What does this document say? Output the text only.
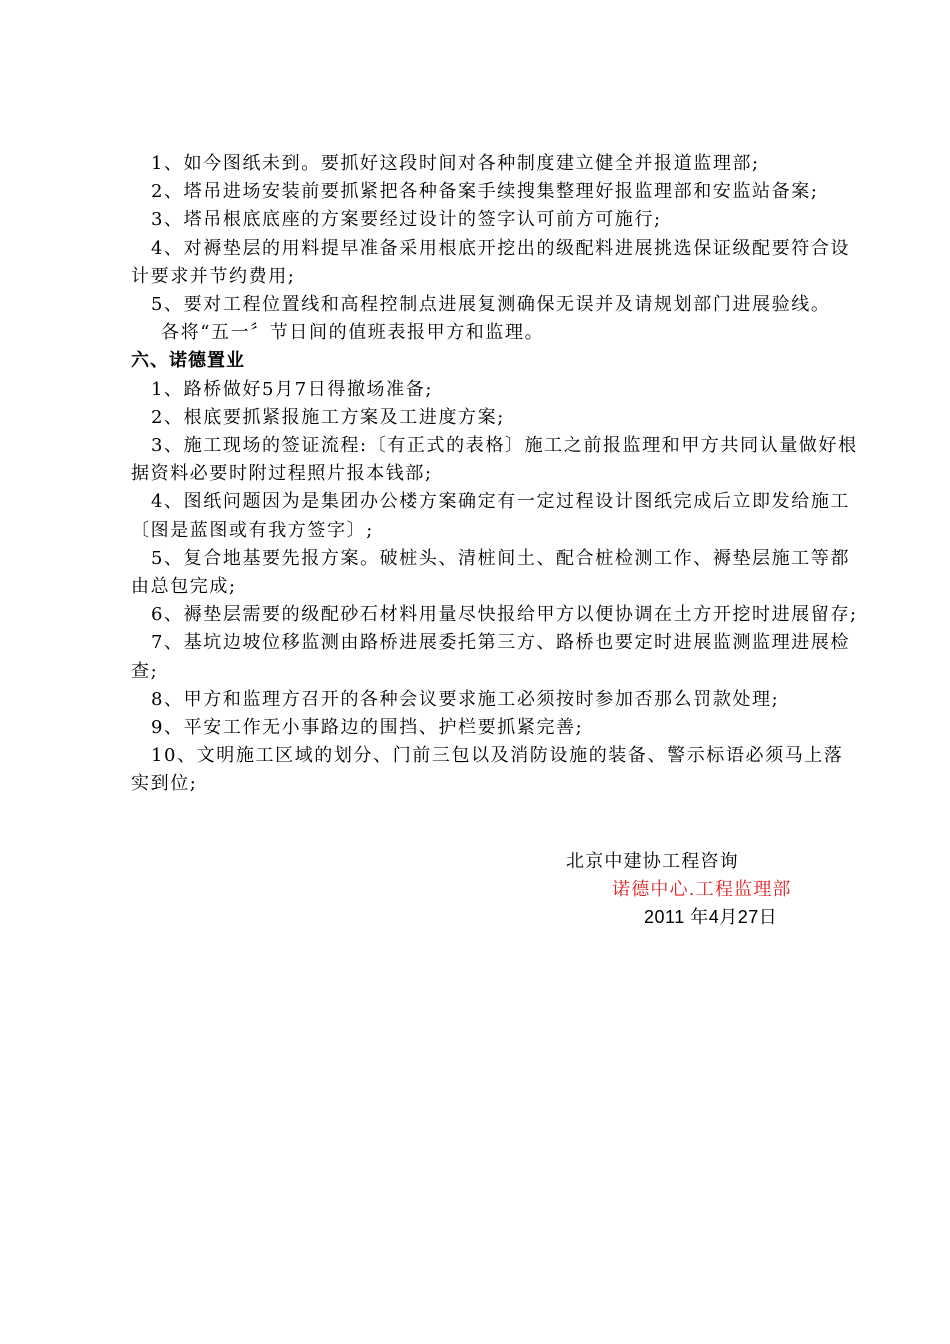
1、如今图纸未到。要抓好这段时间对各种制度建立健全并报道监理部;

2、塔吊进场安装前要抓紧把各种备案手续搜集整理好报监理部和安监站备案;

3、塔吊根底底座的方案要经过设计的签字认可前方可施行;

4、对褥垫层的用料提早准备采用根底开挖出的级配料进展挑选保证级配要符合设计要求并节约费用;

5、要对工程位置线和高程控制点进展复测确保无误并及请规划部门进展验线。

各将“五一〞节日间的值班表报甲方和监理。

六、诺德置业

1、路桥做好5月7日得撤场准备;

2、根底要抓紧报施工方案及工进度方案;

3、施工现场的签证流程:〔有正式的表格〕施工之前报监理和甲方共同认量做好根据资料必要时附过程照片报本钱部;

4、图纸问题因为是集团办公楼方案确定有一定过程设计图纸完成后立即发给施工〔图是蓝图或有我方签字〕;

5、复合地基要先报方案。破桩头、清桩间土、配合桩检测工作、褥垫层施工等都由总包完成;

6、褥垫层需要的级配砂石材料用量尽快报给甲方以便协调在土方开挖时进展留存;

7、基坑边坡位移监测由路桥进展委托第三方、路桥也要定时进展监测监理进展检查;

8、甲方和监理方召开的各种会议要求施工必须按时参加否那么罚款处理;

9、平安工作无小事路边的围挡、护栏要抓紧完善;

10、文明施工区域的划分、门前三包以及消防设施的装备、警示标语必须马上落实到位;

北京中建协工程咨询
诺德中心.工程监理部
2011 年4月27日
